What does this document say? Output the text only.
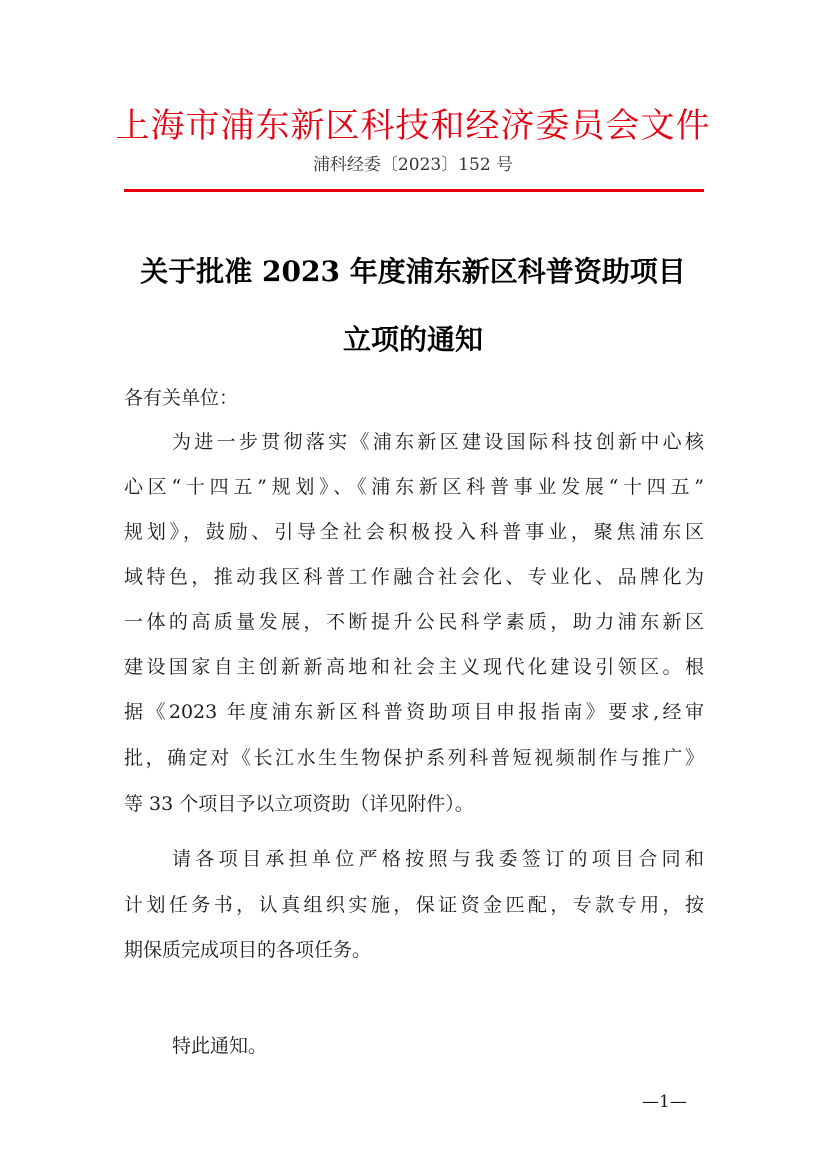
上海市浦东新区科技和经济委员会文件
浦科经委〔2023〕152 号
关于批准 2023 年度浦东新区科普资助项目
立项的通知
各有关单位：
为进一步贯彻落实《浦东新区建设国际科技创新中心核
心区“十四五”规划》、《浦东新区科普事业发展“十四五”
规划》，鼓励、引导全社会积极投入科普事业，聚焦浦东区
域特色，推动我区科普工作融合社会化、专业化、品牌化为
一体的高质量发展，不断提升公民科学素质，助力浦东新区
建设国家自主创新新高地和社会主义现代化建设引领区。根
据《2023 年度浦东新区科普资助项目申报指南》要求,经审
批，确定对《长江水生生物保护系列科普短视频制作与推广》
等 33 个项目予以立项资助（详见附件）。
请各项目承担单位严格按照与我委签订的项目合同和
计划任务书，认真组织实施，保证资金匹配，专款专用，按
期保质完成项目的各项任务。
特此通知。
—1—
